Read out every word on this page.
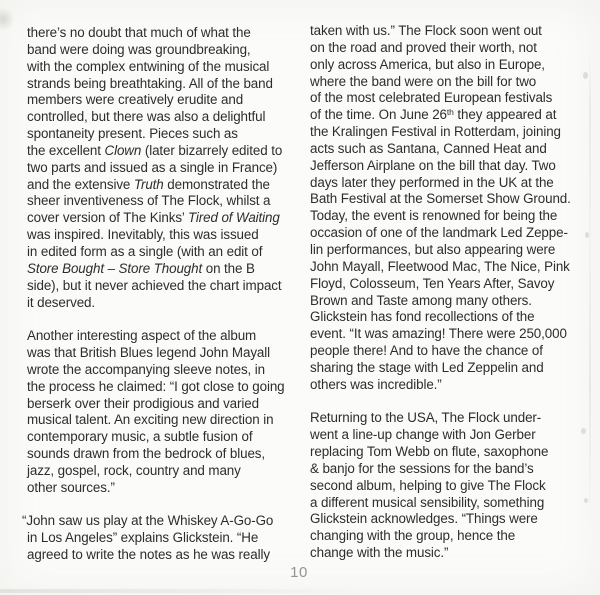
there’s no doubt that much of what the
band were doing was groundbreaking,
with the complex entwining of the musical
strands being breathtaking. All of the band
members were creatively erudite and
controlled, but there was also a delightful
spontaneity present. Pieces such as
the excellent Clown (later bizarrely edited to
two parts and issued as a single in France)
and the extensive Truth demonstrated the
sheer inventiveness of The Flock, whilst a
cover version of The Kinks’ Tired of Waiting
was inspired. Inevitably, this was issued
in edited form as a single (with an edit of
Store Bought – Store Thought on the B
side), but it never achieved the chart impact
it deserved.

Another interesting aspect of the album
was that British Blues legend John Mayall
wrote the accompanying sleeve notes, in
the process he claimed: “I got close to going
berserk over their prodigious and varied
musical talent. An exciting new direction in
contemporary music, a subtle fusion of
sounds drawn from the bedrock of blues,
jazz, gospel, rock, country and many
other sources.”

“John saw us play at the Whiskey A-Go-Go
in Los Angeles” explains Glickstein. “He
agreed to write the notes as he was really

taken with us.” The Flock soon went out
on the road and proved their worth, not
only across America, but also in Europe,
where the band were on the bill for two
of the most celebrated European festivals
of the time. On June 26th they appeared at
the Kralingen Festival in Rotterdam, joining
acts such as Santana, Canned Heat and
Jefferson Airplane on the bill that day. Two
days later they performed in the UK at the
Bath Festival at the Somerset Show Ground.
Today, the event is renowned for being the
occasion of one of the landmark Led Zeppe-
lin performances, but also appearing were
John Mayall, Fleetwood Mac, The Nice, Pink
Floyd, Colosseum, Ten Years After, Savoy
Brown and Taste among many others.
Glickstein has fond recollections of the
event. “It was amazing! There were 250,000
people there! And to have the chance of
sharing the stage with Led Zeppelin and
others was incredible.”

Returning to the USA, The Flock under-
went a line-up change with Jon Gerber
replacing Tom Webb on flute, saxophone
& banjo for the sessions for the band’s
second album, helping to give The Flock
a different musical sensibility, something
Glickstein acknowledges. “Things were
changing with the group, hence the
change with the music.”

10
